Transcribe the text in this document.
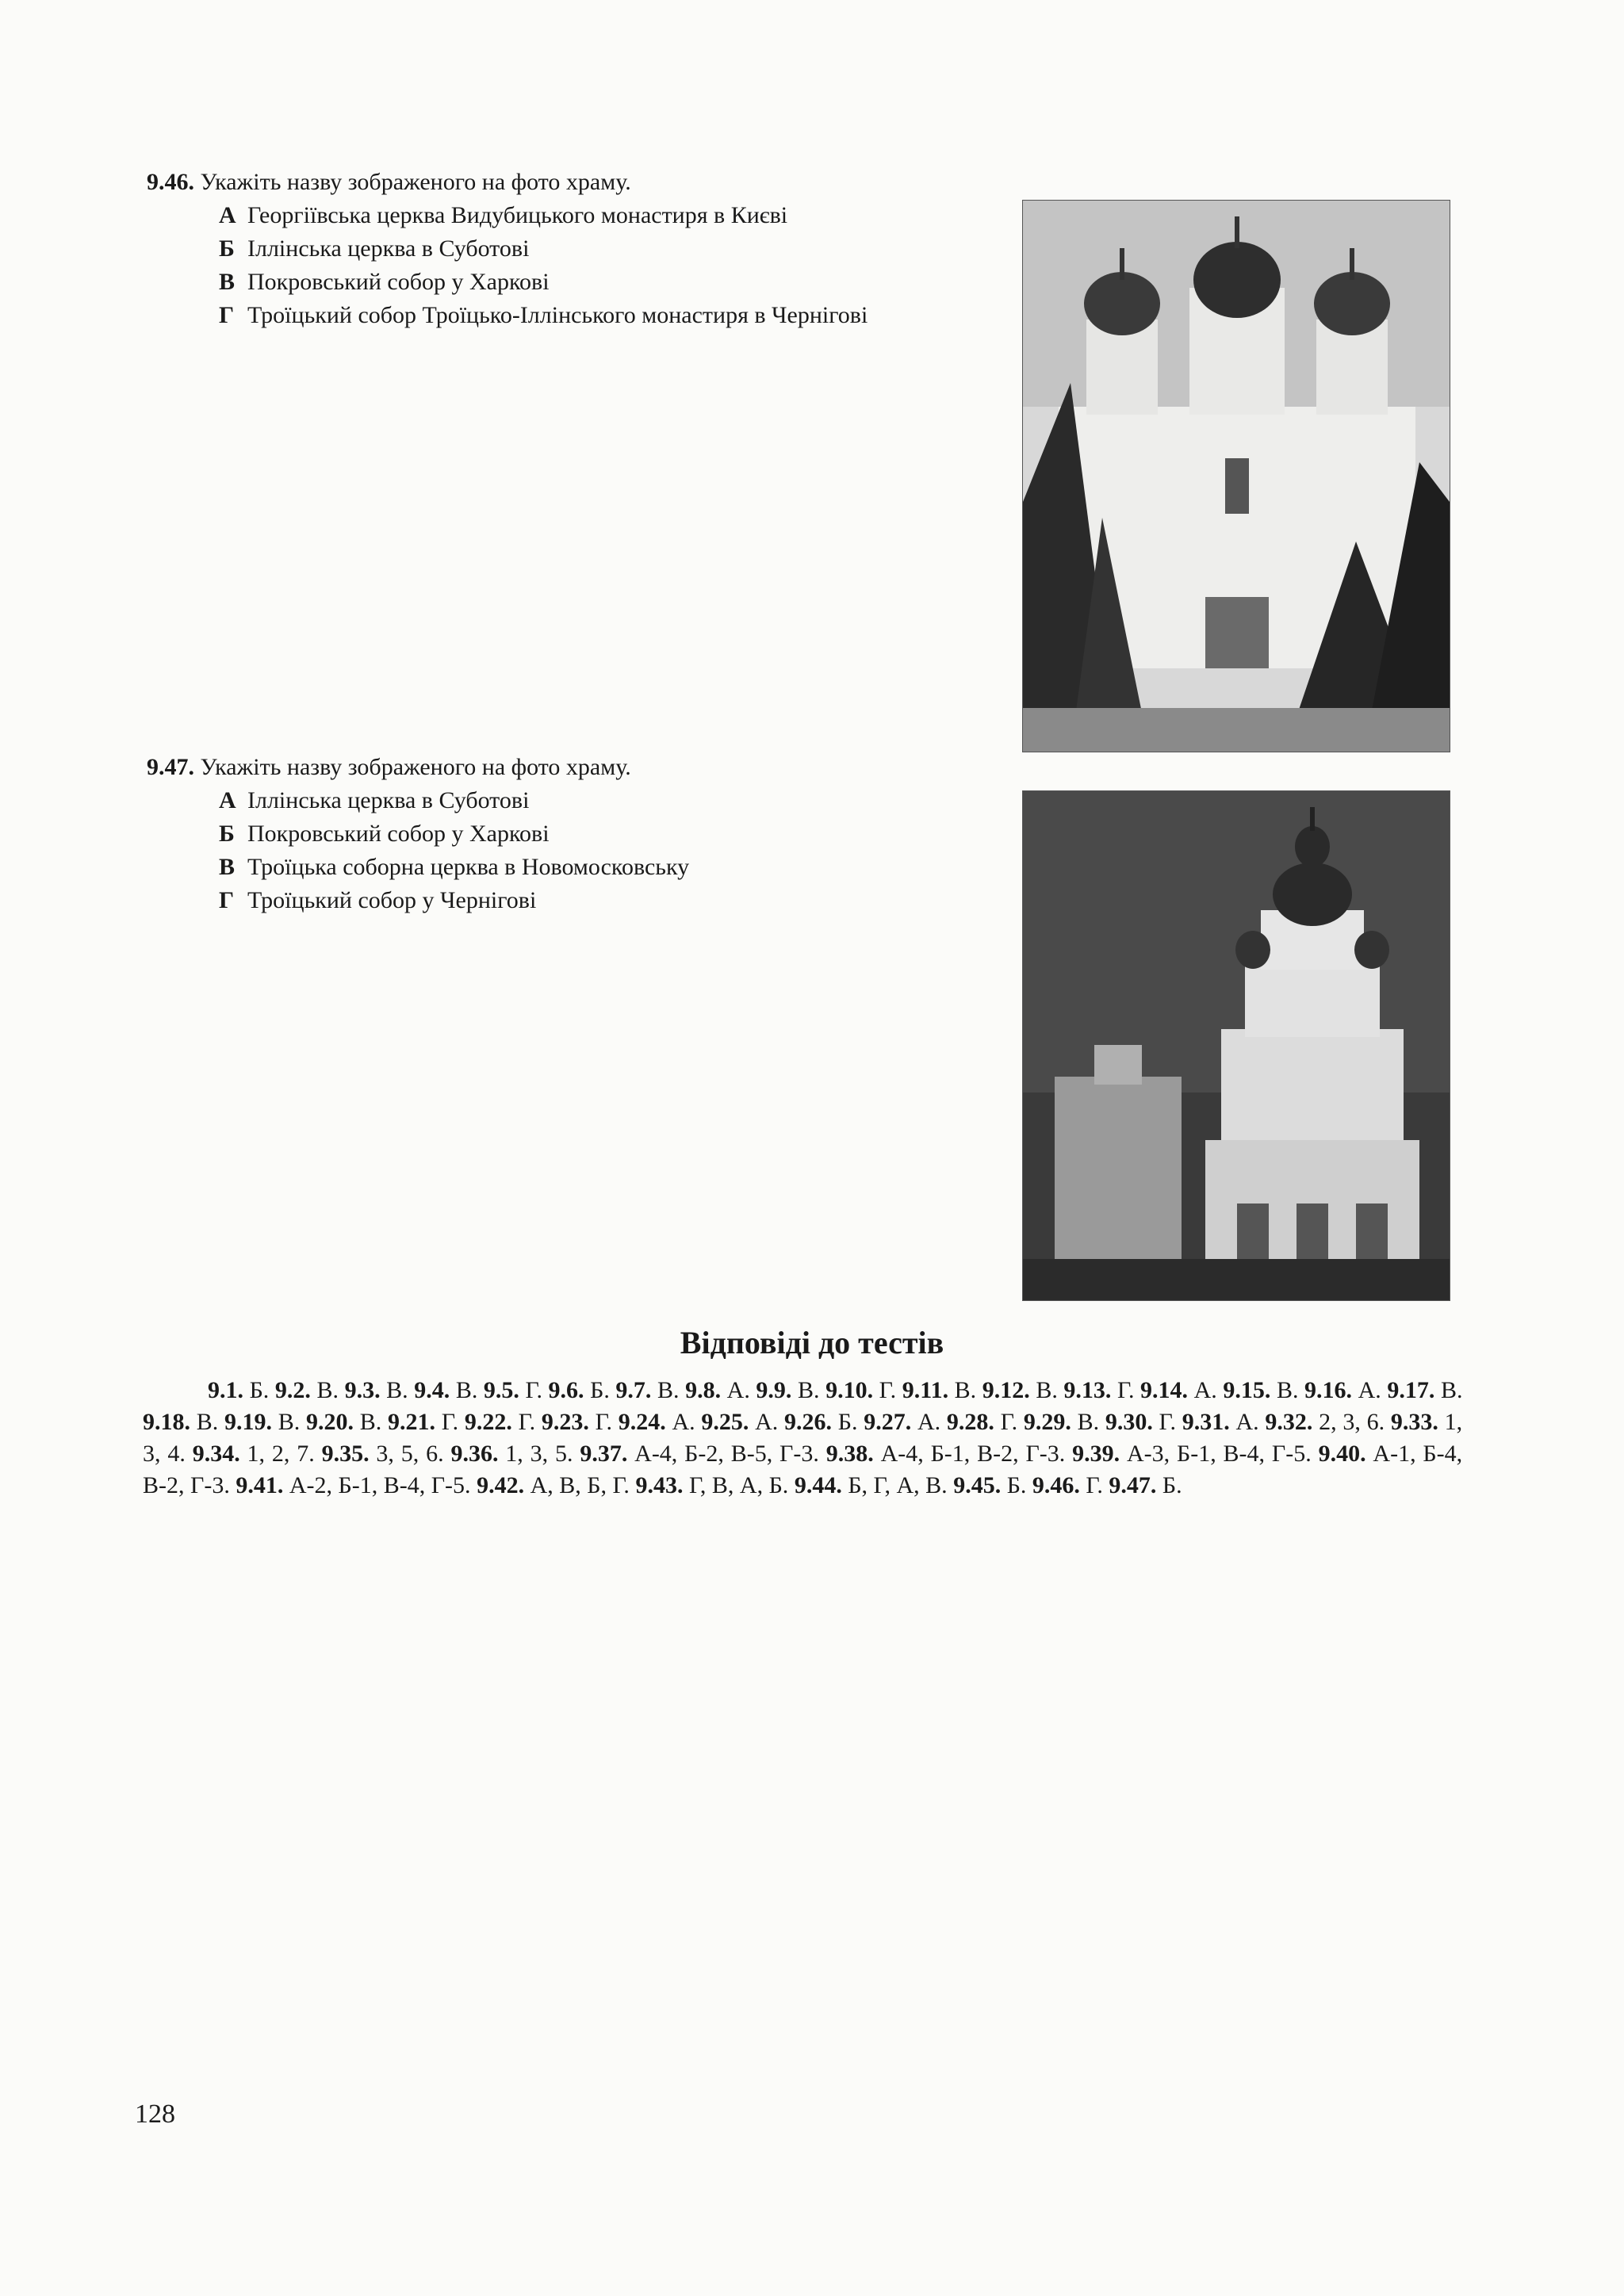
9.46. Укажіть назву зображеного на фото храму.
А Георгіївська церква Видубицького монастиря в Києві
Б Іллінська церква в Суботові
В Покровський собор у Харкові
Г Троїцький собор Троїцько-Іллінського монастиря в Чернігові
9.47. Укажіть назву зображеного на фото храму.
А Іллінська церква в Суботові
Б Покровський собор у Харкові
В Троїцька соборна церква в Новомосковську
Г Троїцький собор у Чернігові
Відповіді до тестів

9.1. Б. 9.2. В. 9.3. В. 9.4. В. 9.5. Г. 9.6. Б. 9.7. В. 9.8. А. 9.9. В. 9.10. Г. 9.11. В. 9.12. В. 9.13. Г. 9.14. А. 9.15. В. 9.16. А. 9.17. В. 9.18. В. 9.19. В. 9.20. В. 9.21. Г. 9.22. Г. 9.23. Г. 9.24. А. 9.25. А. 9.26. Б. 9.27. А. 9.28. Г. 9.29. В. 9.30. Г. 9.31. А. 9.32. 2, 3, 6. 9.33. 1, 3, 4. 9.34. 1, 2, 7. 9.35. 3, 5, 6. 9.36. 1, 3, 5. 9.37. А-4, Б-2, В-5, Г-3. 9.38. А-4, Б-1, В-2, Г-3. 9.39. А-3, Б-1, В-4, Г-5. 9.40. А-1, Б-4, В-2, Г-3. 9.41. А-2, Б-1, В-4, Г-5. 9.42. А, В, Б, Г. 9.43. Г, В, А, Б. 9.44. Б, Г, А, В. 9.45. Б. 9.46. Г. 9.47. Б.

128
